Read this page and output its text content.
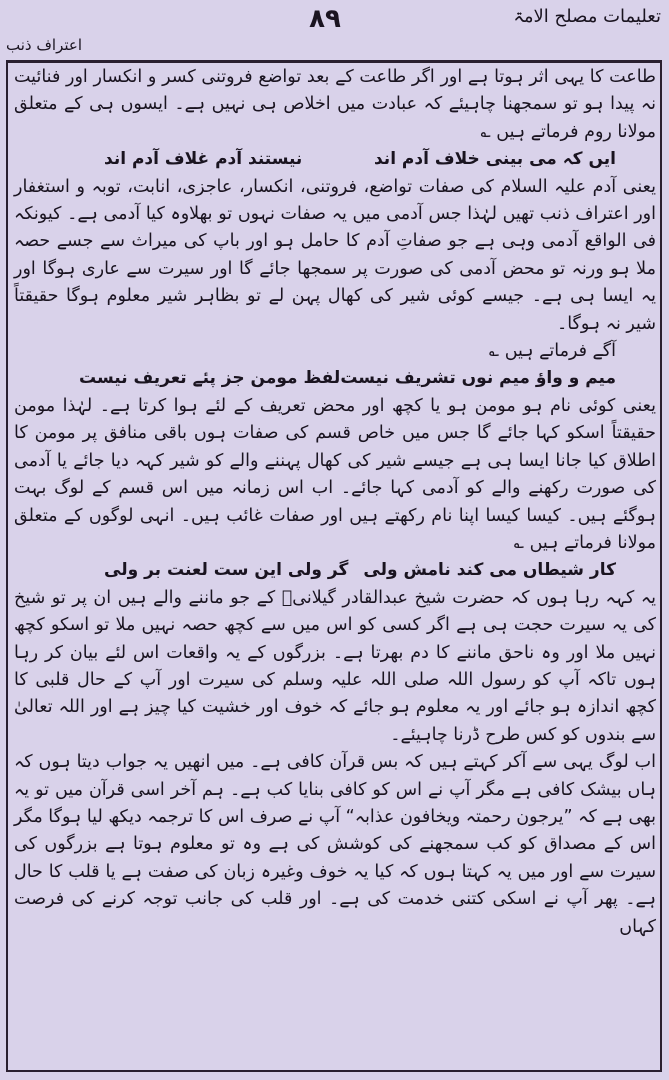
۸۹	تعلیمات مصلح الامۃ
اعتراف ذنب

طاعت کا یہی اثر ہوتا ہے اور اگر طاعت کے بعد تواضع فروتنی کسر و انکسار اور فنائیت نہ پیدا ہو تو سمجھنا چاہیئے کہ عبادت میں اخلاص ہی نہیں ہے۔ ایسوں ہی کے متعلق مولانا روم فرماتے ہیں ؎

ایں کہ می بینی خلاف آدم اند
نیستند آدم غلاف آدم اند

یعنی آدم علیہ السلام کی صفات تواضع، فروتنی، انکسار، عاجزی، انابت، توبہ و استغفار اور اعتراف ذنب تھیں لہٰذا جس آدمی میں یہ صفات نہوں تو بھلاوہ کیا آدمی ہے۔ کیونکہ فی الواقع آدمی وہی ہے جو صفاتِ آدم کا حامل ہو اور باپ کی میراث سے جسے حصہ ملا ہو ورنہ تو محض آدمی کی صورت پر سمجھا جائے گا اور سیرت سے عاری ہوگا اور یہ ایسا ہی ہے۔ جیسے کوئی شیر کی کھال پہن لے تو بظاہر شیر معلوم ہوگا حقیقتاً شیر نہ ہوگا۔

آگے فرماتے ہیں ؎

میم و واؤ میم نوں تشریف نیست
لفظ مومن جز پئے تعریف نیست

یعنی کوئی نام ہو مومن ہو یا کچھ اور محض تعریف کے لئے ہوا کرتا ہے۔ لہٰذا مومن حقیقتاً اسکو کہا جائے گا جس میں خاص قسم کی صفات ہوں باقی منافق پر مومن کا اطلاق کیا جانا ایسا ہی ہے جیسے شیر کی کھال پہننے والے کو شیر کہہ دیا جائے یا آدمی کی صورت رکھنے والے کو آدمی کہا جائے۔ اب اس زمانہ میں اس قسم کے لوگ بہت ہوگئے ہیں۔ کیسا کیسا اپنا نام رکھتے ہیں اور صفات غائب ہیں۔ انہی لوگوں کے متعلق مولانا فرماتے ہیں ؎

کار شیطاں می کند نامش ولی
گر ولی این ست لعنت بر ولی

یہ کہہ رہا ہوں کہ حضرت شیخ عبدالقادر گیلانیؒ کے جو ماننے والے ہیں ان پر تو شیخ کی یہ سیرت حجت ہی ہے اگر کسی کو اس میں سے کچھ حصہ نہیں ملا تو اسکو کچھ نہیں ملا اور وہ ناحق ماننے کا دم بھرتا ہے۔ بزرگوں کے یہ واقعات اس لئے بیان کر رہا ہوں تاکہ آپ کو رسول اللہ صلی اللہ علیہ وسلم کی سیرت اور آپ کے حال قلبی کا کچھ اندازہ ہو جائے اور یہ معلوم ہو جائے کہ خوف اور خشیت کیا چیز ہے اور اللہ تعالیٰ سے بندوں کو کس طرح ڈرنا چاہیئے۔

اب لوگ یہی سے آکر کہتے ہیں کہ بس قرآن کافی ہے۔ میں انھیں یہ جواب دیتا ہوں کہ ہاں بیشک کافی ہے مگر آپ نے اس کو کافی بنایا کب ہے۔ ہم آخر اسی قرآن میں تو یہ بھی ہے کہ ”یرجون رحمتہ ویخافون عذابہ“ آپ نے صرف اس کا ترجمہ دیکھ لیا ہوگا مگر اس کے مصداق کو کب سمجھنے کی کوشش کی ہے وہ تو معلوم ہوتا ہے بزرگوں کی سیرت سے اور میں یہ کہتا ہوں کہ کیا یہ خوف وغیرہ زبان کی صفت ہے یا قلب کا حال ہے۔ پھر آپ نے اسکی کتنی خدمت کی ہے۔ اور قلب کی جانب توجہ کرنے کی فرصت کہاں
